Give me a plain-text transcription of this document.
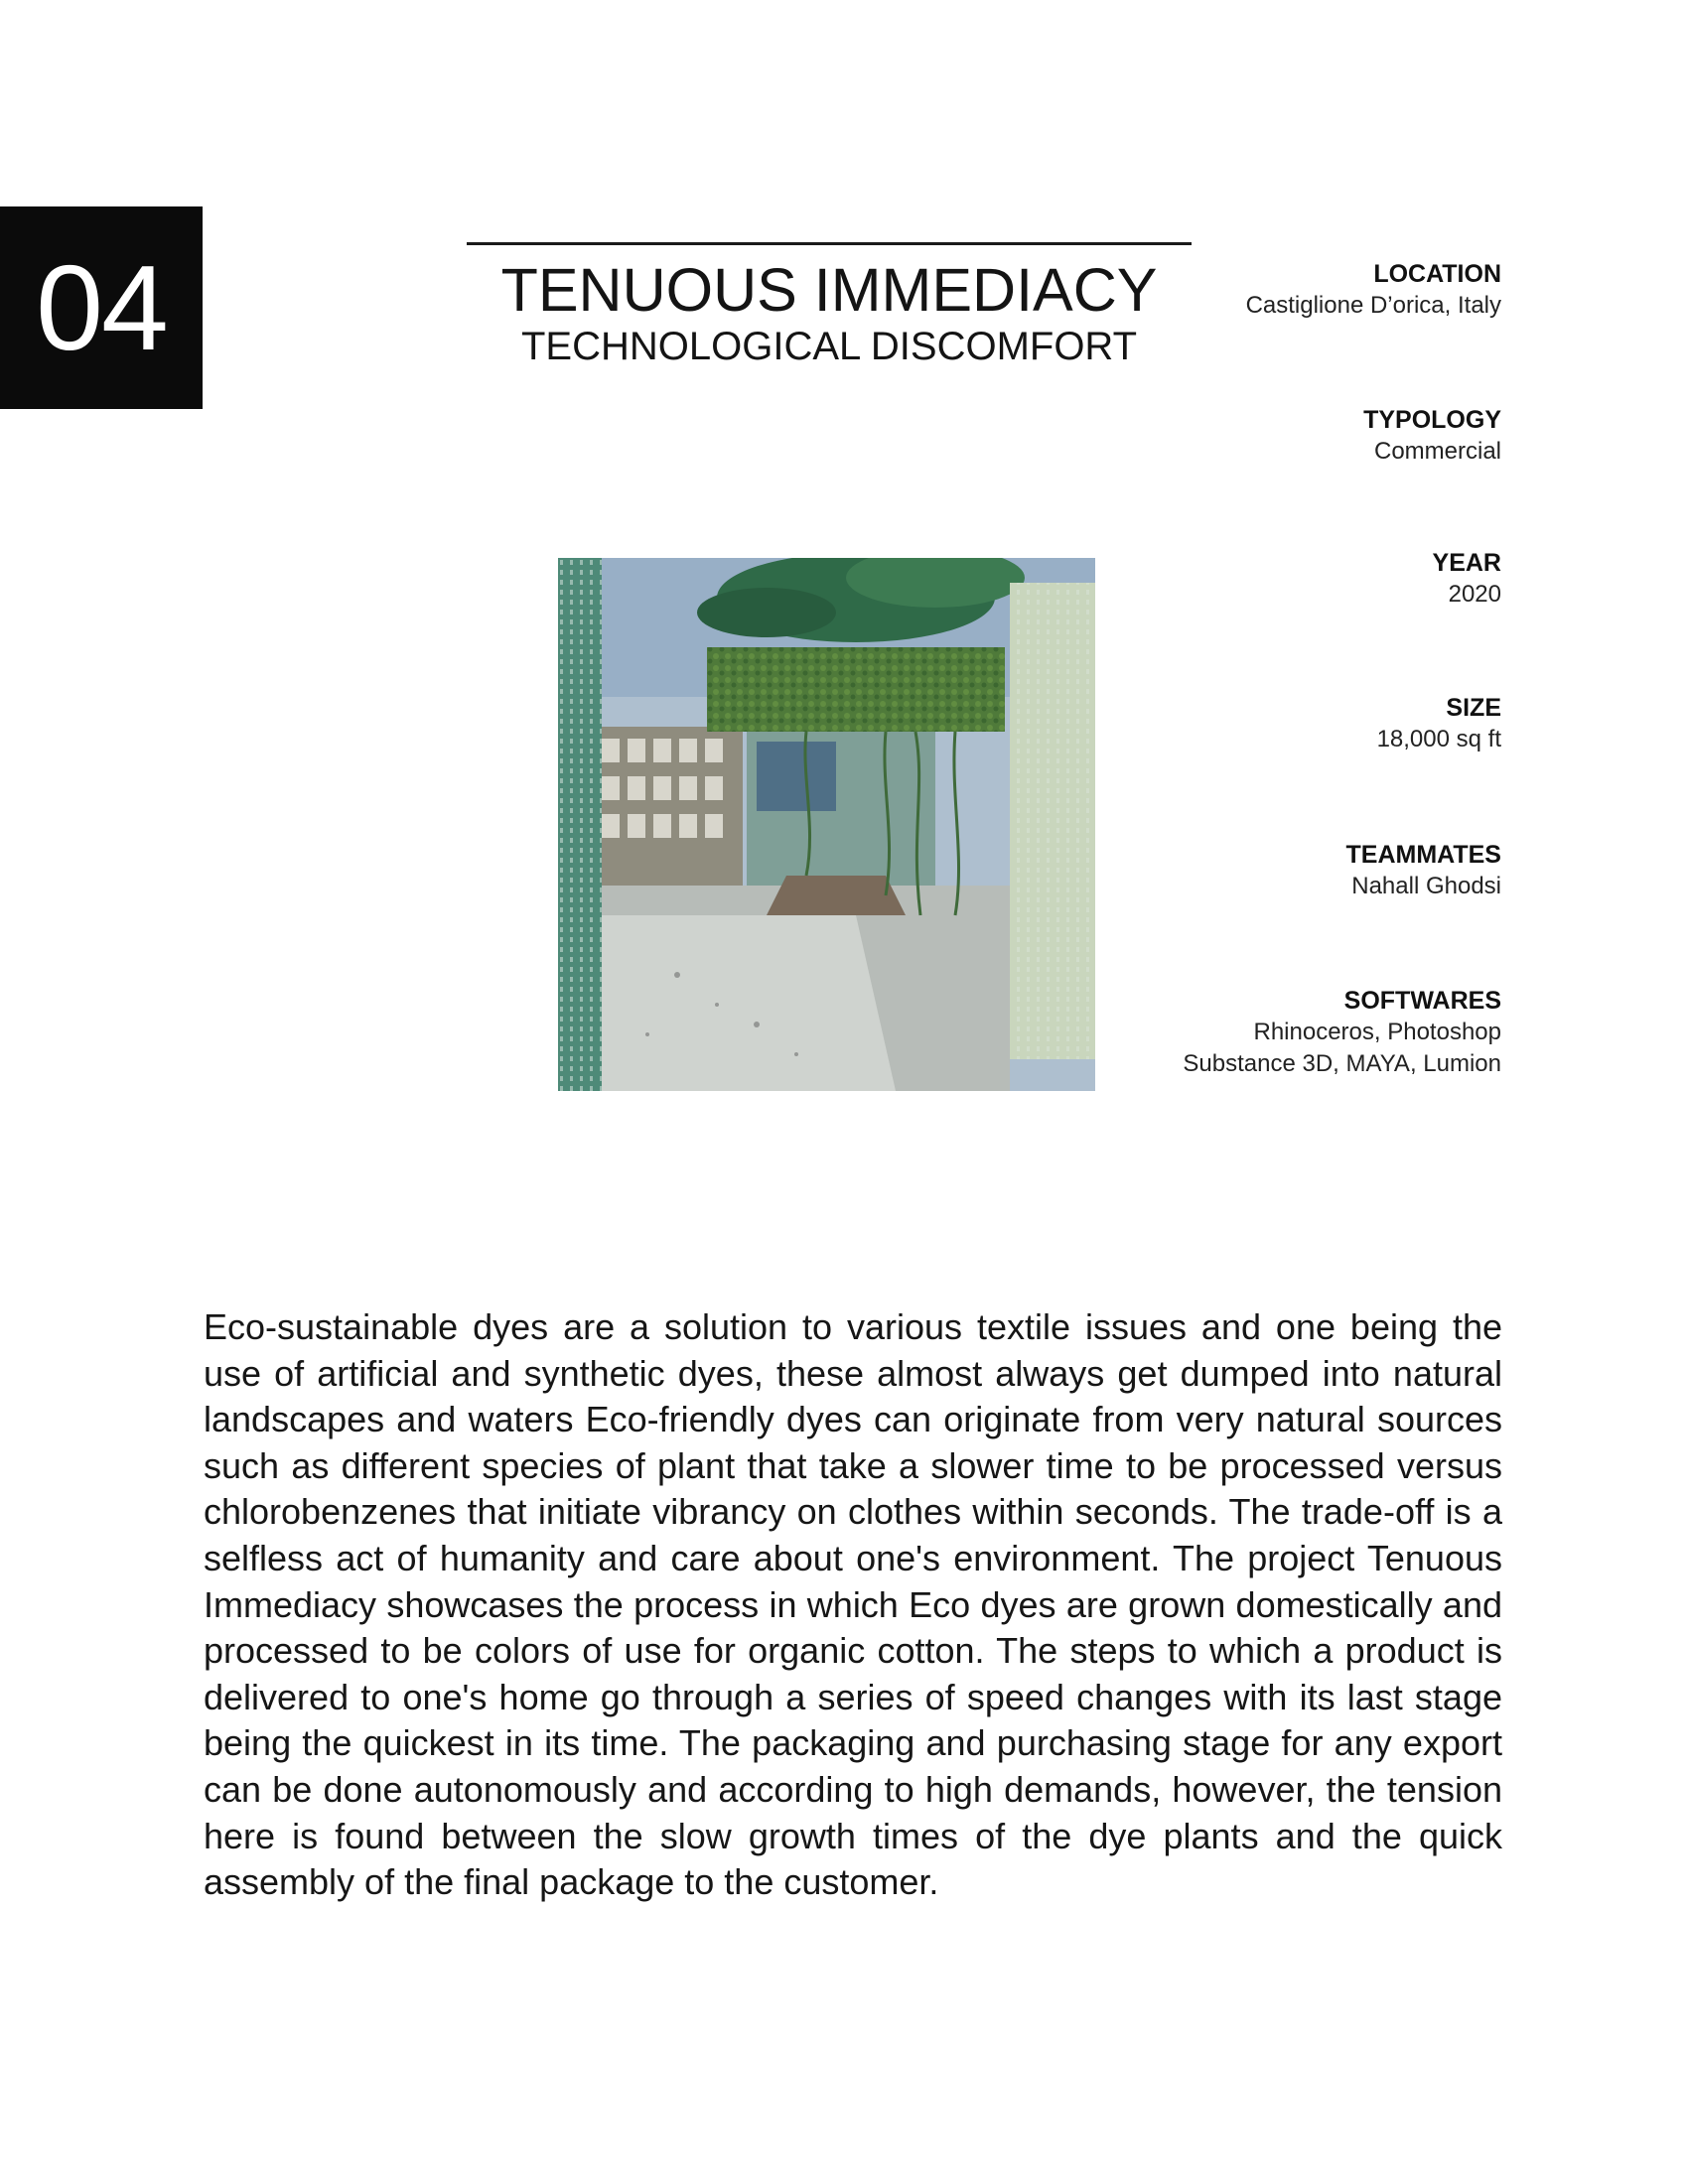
04	TENUOUS IMMEDIACY
TECHNOLOGICAL DISCOMFORT
LOCATION
Castiglione D’orica, Italy
TYPOLOGY
Commercial
YEAR
2020
SIZE
18,000 sq ft
TEAMMATES
Nahall Ghodsi
SOFTWARES
Rhinoceros, Photoshop
Substance 3D, MAYA, Lumion

Eco-sustainable dyes are a solution to various textile issues and one being the use of artificial and synthetic dyes, these almost always get dumped into natural landscapes and waters Eco-friendly dyes can originate from very natural sources such as different species of plant that take a slower time to be processed versus chlorobenzenes that initiate vibrancy on clothes within seconds. The trade-off is a selfless act of humanity and care about one's environment. The project Tenuous Immediacy showcases the process in which Eco dyes are grown domestically and processed to be colors of use for organic cotton. The steps to which a product is delivered to one's home go through a series of speed changes with its last stage being the quickest in its time. The packaging and purchasing stage for any export can be done autonomously and according to high demands, however, the tension here is found between the slow growth times of the dye plants and the quick assembly of the final package to the customer.
